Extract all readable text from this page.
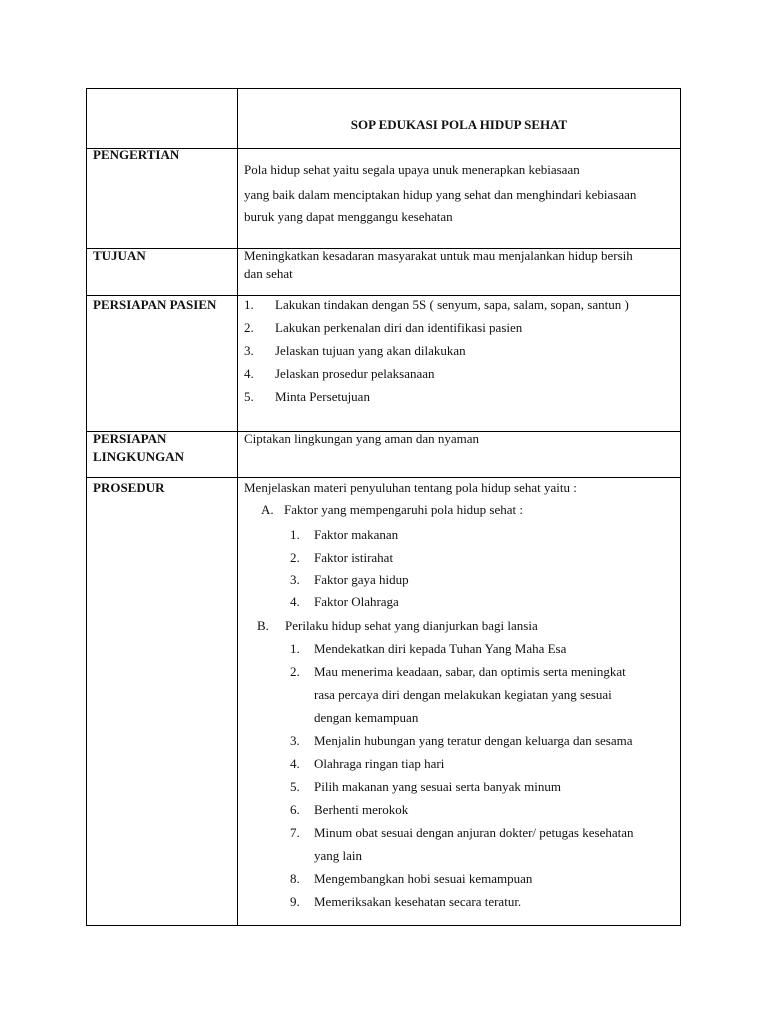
SOP EDUKASI POLA HIDUP SEHAT
PENGERTIAN
Pola hidup sehat yaitu segala upaya unuk menerapkan kebiasaan
yang baik dalam menciptakan hidup yang sehat dan menghindari kebiasaan
buruk yang dapat menggangu kesehatan
TUJUAN	Meningkatkan kesadaran masyarakat untuk mau menjalankan hidup bersih
dan sehat
PERSIAPAN PASIEN 1. Lakukan tindakan dengan 5S ( senyum, sapa, salam, sopan, santun )
2. Lakukan perkenalan diri dan identifikasi pasien
3. Jelaskan tujuan yang akan dilakukan
4. Jelaskan prosedur pelaksanaan
5. Minta Persetujuan
PERSIAPAN
LINGKUNGAN
Ciptakan lingkungan yang aman dan nyaman
PROSEDUR	Menjelaskan materi penyuluhan tentang pola hidup sehat yaitu :
A. Faktor yang mempengaruhi pola hidup sehat :
1. Faktor makanan
2. Faktor istirahat
3. Faktor gaya hidup
4. Faktor Olahraga
B. Perilaku hidup sehat yang dianjurkan bagi lansia
1. Mendekatkan diri kepada Tuhan Yang Maha Esa
2. Mau menerima keadaan, sabar, dan optimis serta meningkat
rasa percaya diri dengan melakukan kegiatan yang sesuai
dengan kemampuan
3. Menjalin hubungan yang teratur dengan keluarga dan sesama
4. Olahraga ringan tiap hari
5. Pilih makanan yang sesuai serta banyak minum
6. Berhenti merokok
7. Minum obat sesuai dengan anjuran dokter/ petugas kesehatan
yang lain
8. Mengembangkan hobi sesuai kemampuan
9. Memeriksakan kesehatan secara teratur.
